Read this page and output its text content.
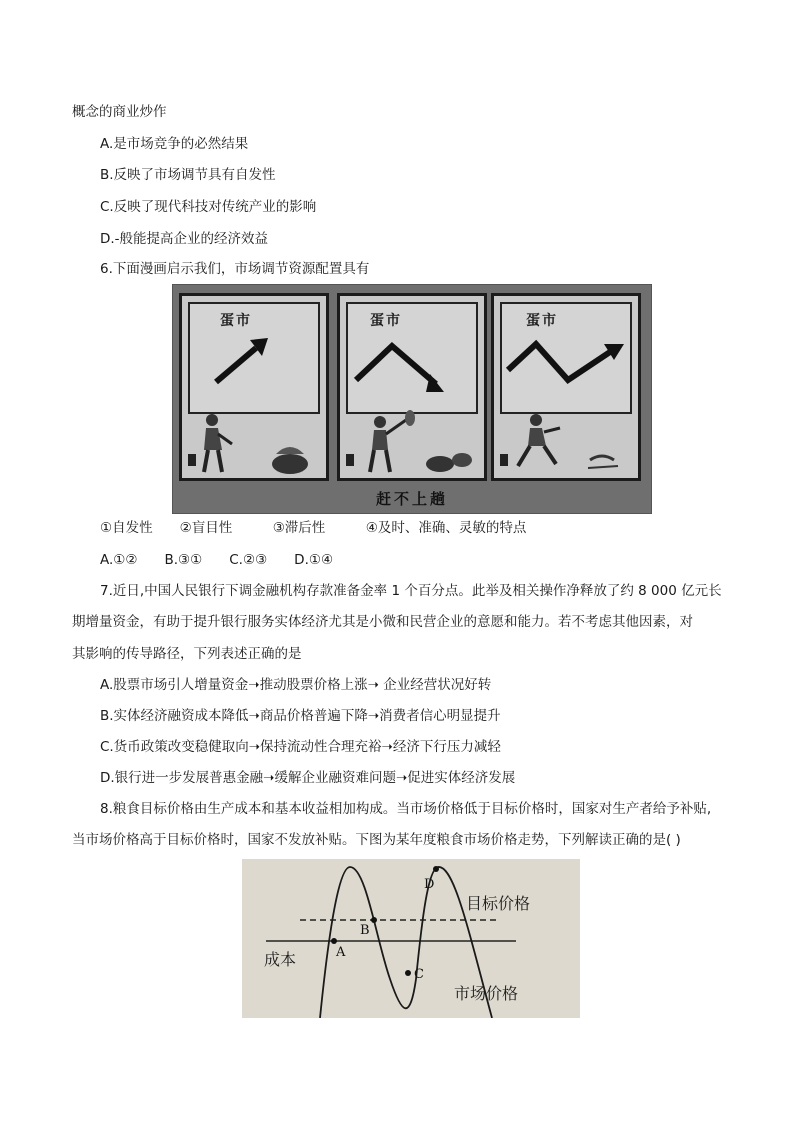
概念的商业炒作
A.是市场竞争的必然结果
B.反映了市场调节具有自发性
C.反映了现代科技对传统产业的影响
D.-般能提高企业的经济效益
6.下面漫画启示我们，市场调节资源配置具有
蛋市	蛋市	蛋市
赶不上趟
①自发性　　②盲目性　　　③滞后性　　　④及时、准确、灵敏的特点
A.①②　　B.③①　　C.②③　　D.①④
7.近日,中国人民银行下调金融机构存款准备金率 1 个百分点。此举及相关操作净释放了约 8 000 亿元长
期增量资金，有助于提升银行服务实体经济尤其是小微和民营企业的意愿和能力。若不考虑其他因素，对
其影响的传导路径，下列表述正确的是
A.股票市场引人增量资金➝推动股票价格上涨➝ 企业经营状况好转
B.实体经济融资成本降低➝商品价格普遍下降➝消费者信心明显提升
C.货币政策改变稳健取向➝保持流动性合理充裕➝经济下行压力减轻
D.银行进一步发展普惠金融➝缓解企业融资难问题➝促进实体经济发展
8.粮食目标价格由生产成本和基本收益相加构成。当市场价格低于目标价格时，国家对生产者给予补贴,
当市场价格高于目标价格时，国家不发放补贴。下图为某年度粮食市场价格走势，下列解读正确的是( )
A
B
C
D
目标价格
成本
市场价格
